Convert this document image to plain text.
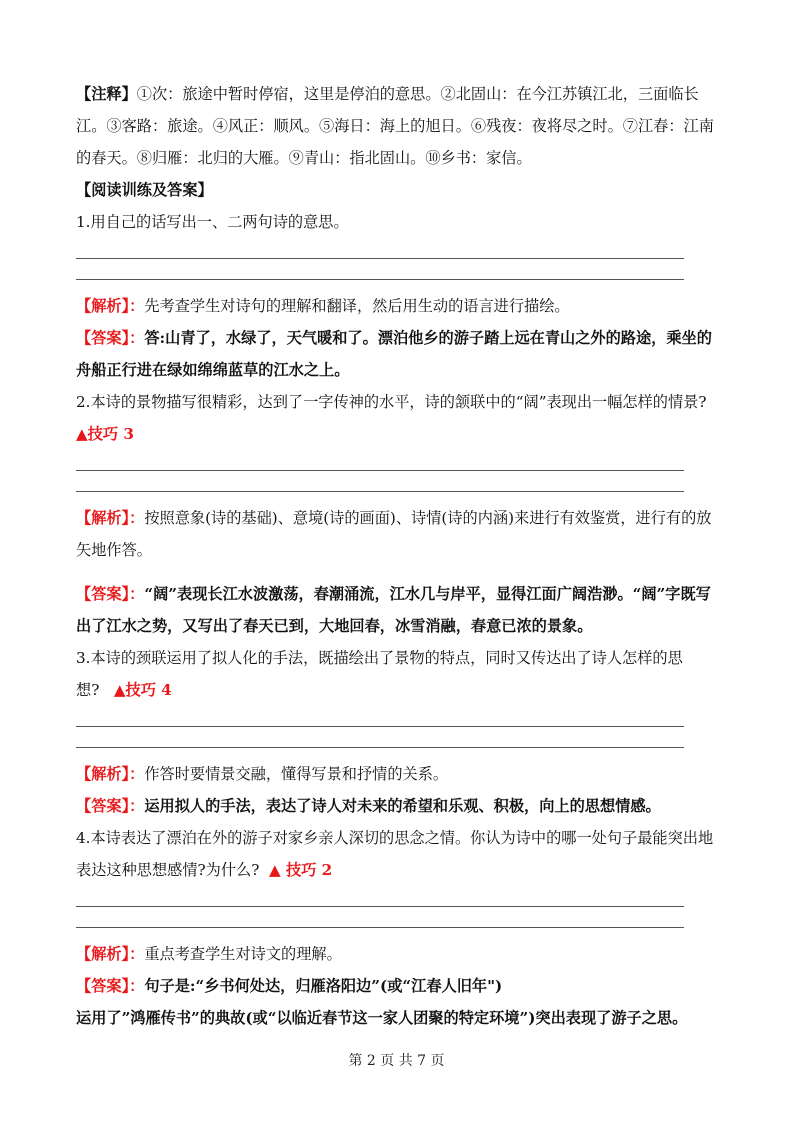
【注释】①次：旅途中暂时停宿，这里是停泊的意思。②北固山：在今江苏镇江北，三面临长江。③客路：旅途。④风正：顺风。⑤海日：海上的旭日。⑥残夜：夜将尽之时。⑦江春：江南的春天。⑧归雁：北归的大雁。⑨青山：指北固山。⑩乡书：家信。

【阅读训练及答案】

1.用自己的话写出一、二两句诗的意思。

【解析】：先考查学生对诗句的理解和翻译，然后用生动的语言进行描绘。

【答案】：答:山青了，水绿了，天气暖和了。漂泊他乡的游子踏上远在青山之外的路途，乘坐的舟船正行进在绿如绵绵蓝草的江水之上。

2.本诗的景物描写很精彩，达到了一字传神的水平，诗的颔联中的“阔”表现出一幅怎样的情景?
▲技巧 3

【解析】：按照意象(诗的基础)、意境(诗的画面)、诗情(诗的内涵)来进行有效鉴赏，进行有的放矢地作答。

【答案】：“阔”表现长江水波激荡，春潮涌流，江水几与岸平，显得江面广阔浩渺。“阔”字既写出了江水之势，又写出了春天已到，大地回春，冰雪消融，春意已浓的景象。

3.本诗的颈联运用了拟人化的手法，既描绘出了景物的特点，同时又传达出了诗人怎样的思想? ▲技巧 4

【解析】：作答时要情景交融，懂得写景和抒情的关系。

【答案】：运用拟人的手法，表达了诗人对未来的希望和乐观、积极，向上的思想情感。

4.本诗表达了漂泊在外的游子对家乡亲人深切的思念之情。你认为诗中的哪一处句子最能突出地表达这种思想感情?为什么? ▲ 技巧 2

【解析】：重点考查学生对诗文的理解。

【答案】：句子是:“乡书何处达，归雁洛阳边”(或“江春人旧年")

运用了”鸿雁传书”的典故(或“以临近春节这一家人团聚的特定环境”)突出表现了游子之思。

第 2 页 共 7 页
